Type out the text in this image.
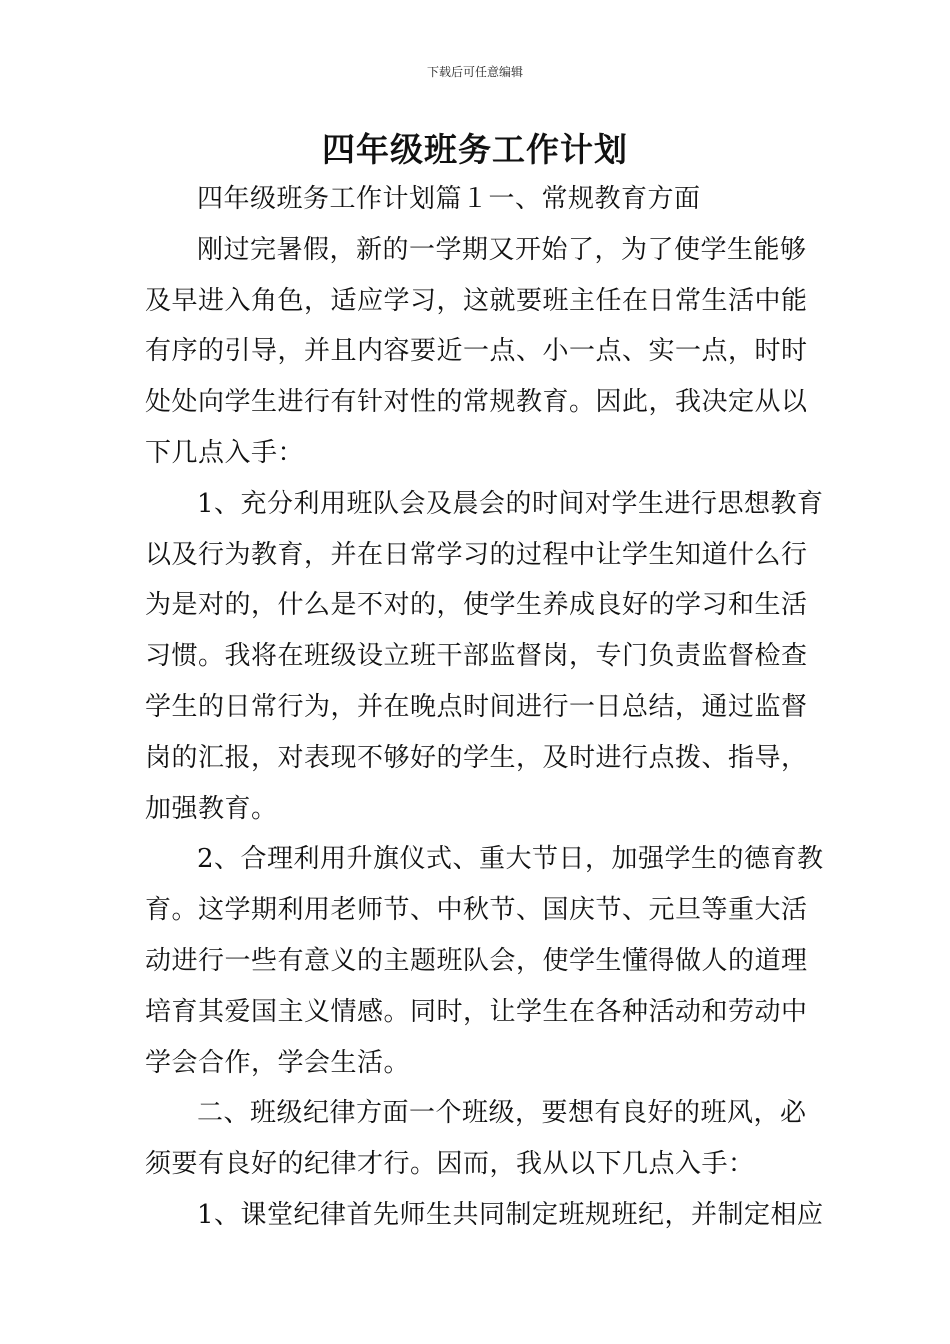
下载后可任意编辑
四年级班务工作计划
四年级班务工作计划篇１一、常规教育方面
刚过完暑假，新的一学期又开始了，为了使学生能够
及早进入角色，适应学习，这就要班主任在日常生活中能
有序的引导，并且内容要近一点、小一点、实一点，时时
处处向学生进行有针对性的常规教育。因此，我决定从以
下几点入手：
1、充分利用班队会及晨会的时间对学生进行思想教育
以及行为教育，并在日常学习的过程中让学生知道什么行
为是对的，什么是不对的，使学生养成良好的学习和生活
习惯。我将在班级设立班干部监督岗，专门负责监督检查
学生的日常行为，并在晚点时间进行一日总结，通过监督
岗的汇报，对表现不够好的学生，及时进行点拨、指导，
加强教育。
2、合理利用升旗仪式、重大节日，加强学生的德育教
育。这学期利用老师节、中秋节、国庆节、元旦等重大活
动进行一些有意义的主题班队会，使学生懂得做人的道理
培育其爱国主义情感。同时，让学生在各种活动和劳动中
学会合作，学会生活。
二、班级纪律方面一个班级，要想有良好的班风，必
须要有良好的纪律才行。因而，我从以下几点入手：
1、课堂纪律首先师生共同制定班规班纪，并制定相应
